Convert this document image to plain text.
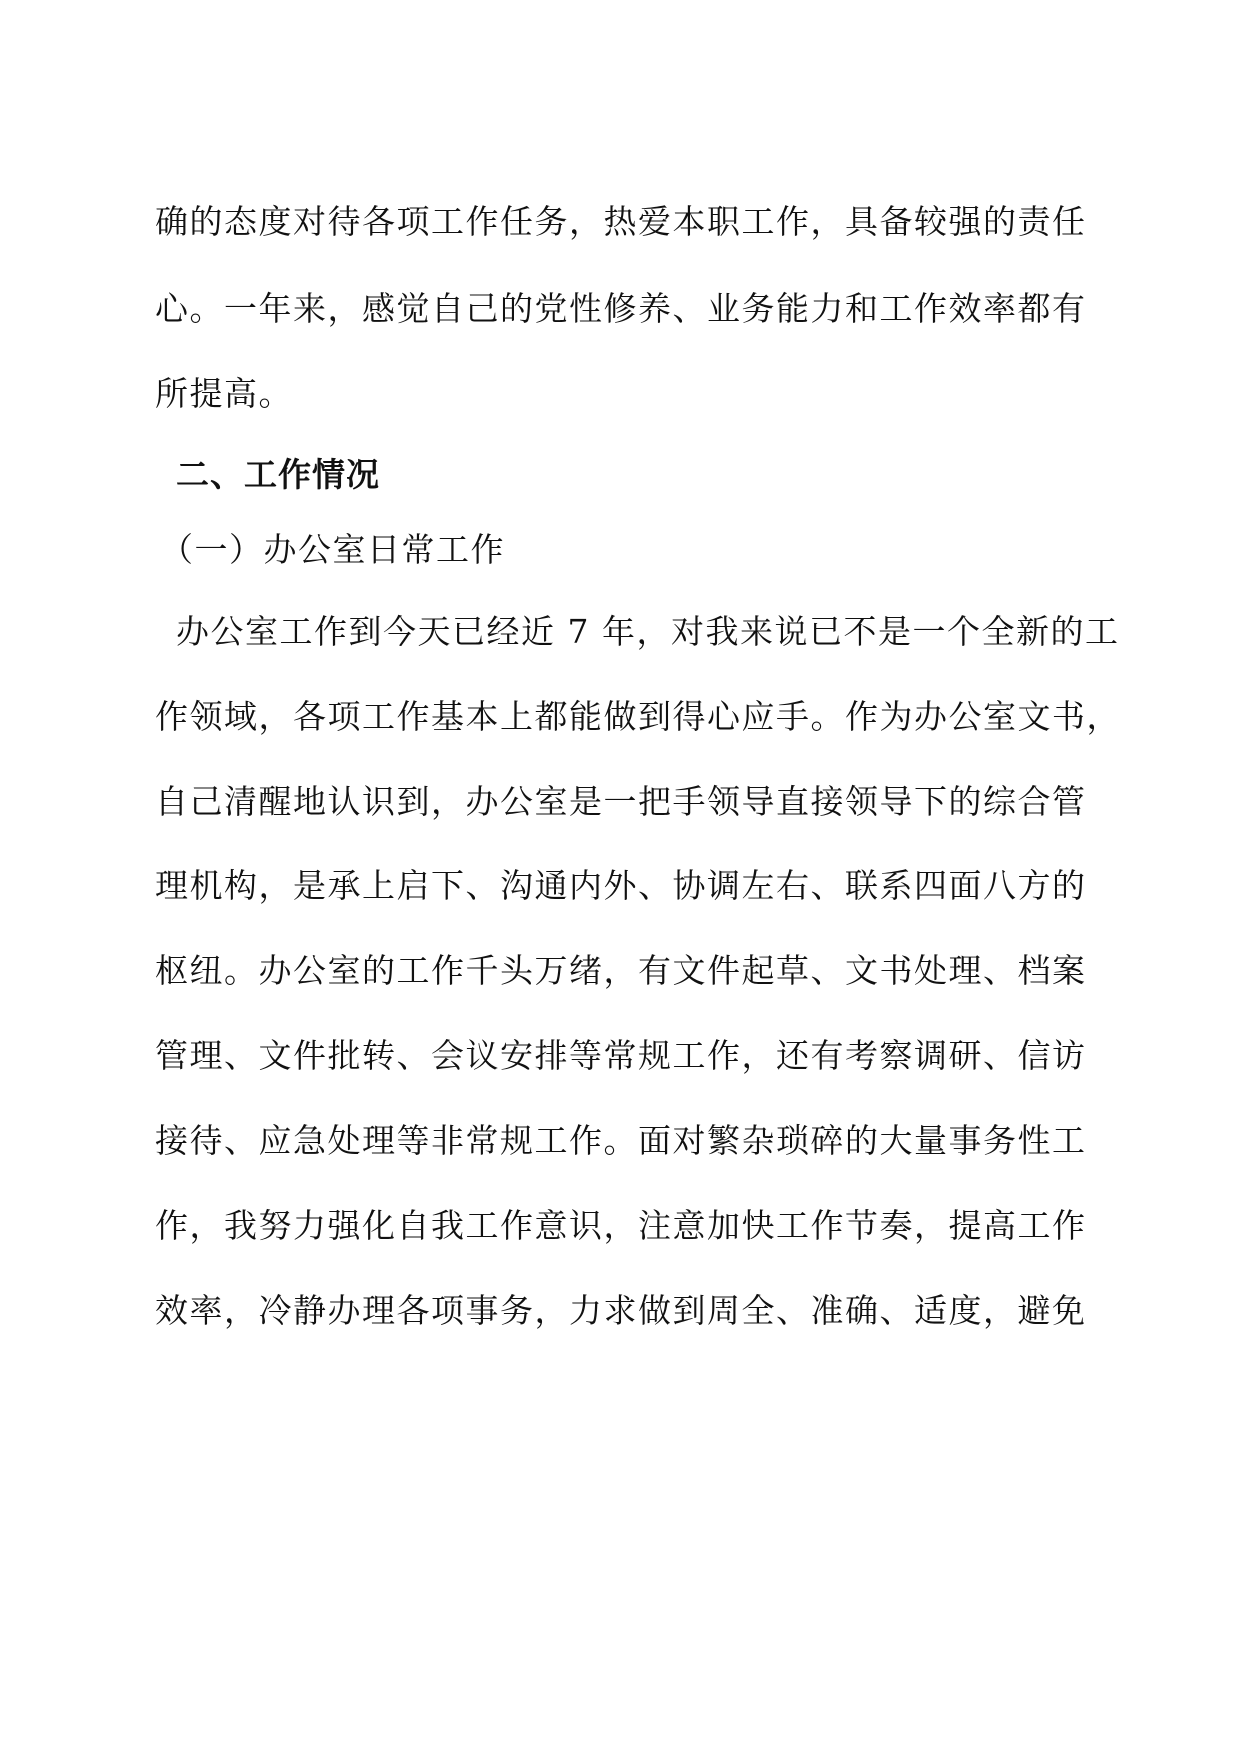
确的态度对待各项工作任务，热爱本职工作，具备较强的责任
心。一年来，感觉自己的党性修养、业务能力和工作效率都有
所提高。
二、工作情况
（一）办公室日常工作
办公室工作到今天已经近 7 年，对我来说已不是一个全新的工
作领域，各项工作基本上都能做到得心应手。作为办公室文书，
自己清醒地认识到，办公室是一把手领导直接领导下的综合管
理机构，是承上启下、沟通内外、协调左右、联系四面八方的
枢纽。办公室的工作千头万绪，有文件起草、文书处理、档案
管理、文件批转、会议安排等常规工作，还有考察调研、信访
接待、应急处理等非常规工作。面对繁杂琐碎的大量事务性工
作，我努力强化自我工作意识，注意加快工作节奏，提高工作
效率，冷静办理各项事务，力求做到周全、准确、适度，避免
